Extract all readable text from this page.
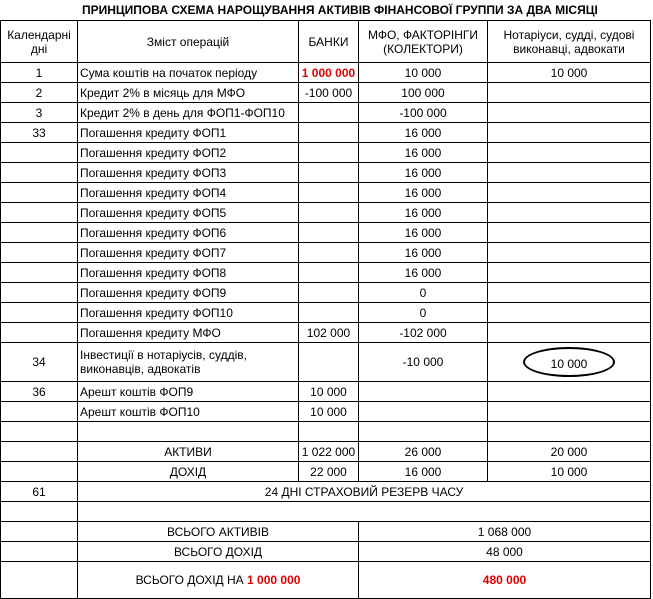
ПРИНЦИПОВА СХЕМА НАРОЩУВАННЯ АКТИВІВ ФІНАНСОВОЇ ГРУППИ ЗА ДВА МІСЯЦІ
Календарні дні	Зміст операцій	БАНКИ	МФО, ФАКТОРІНГИ (КОЛЕКТОРИ)	Нотаріуси, судді, судові виконавці, адвокати
1	Сума коштів на початок періоду	1 000 000	10 000	10 000
2	Кредит 2% в місяць для МФО	-100 000	100 000	
3	Кредит 2% в день для ФОП1-ФОП10		-100 000	
33	Погашення кредиту ФОП1		16 000	
	Погашення кредиту ФОП2		16 000	
	Погашення кредиту ФОП3		16 000	
	Погашення кредиту ФОП4		16 000	
	Погашення кредиту ФОП5		16 000	
	Погашення кредиту ФОП6		16 000	
	Погашення кредиту ФОП7		16 000	
	Погашення кредиту ФОП8		16 000	
	Погашення кредиту ФОП9		0	
	Погашення кредиту ФОП10		0	
	Погашення кредиту МФО	102 000	-102 000	
34	Інвестиції в нотаріусів, суддів, виконавців, адвокатів		-10 000	10 000
36	Арешт коштів ФОП9	10 000		
	Арешт коштів ФОП10	10 000		

	АКТИВИ	1 022 000	26 000	20 000
	ДОХІД	22 000	16 000	10 000
61	24 ДНІ СТРАХОВИЙ РЕЗЕРВ ЧАСУ			

	ВСЬОГО АКТИВІВ		1 068 000	
	ВСЬОГО ДОХІД		48 000	
	ВСЬОГО ДОХІД НА 1 000 000		480 000	
